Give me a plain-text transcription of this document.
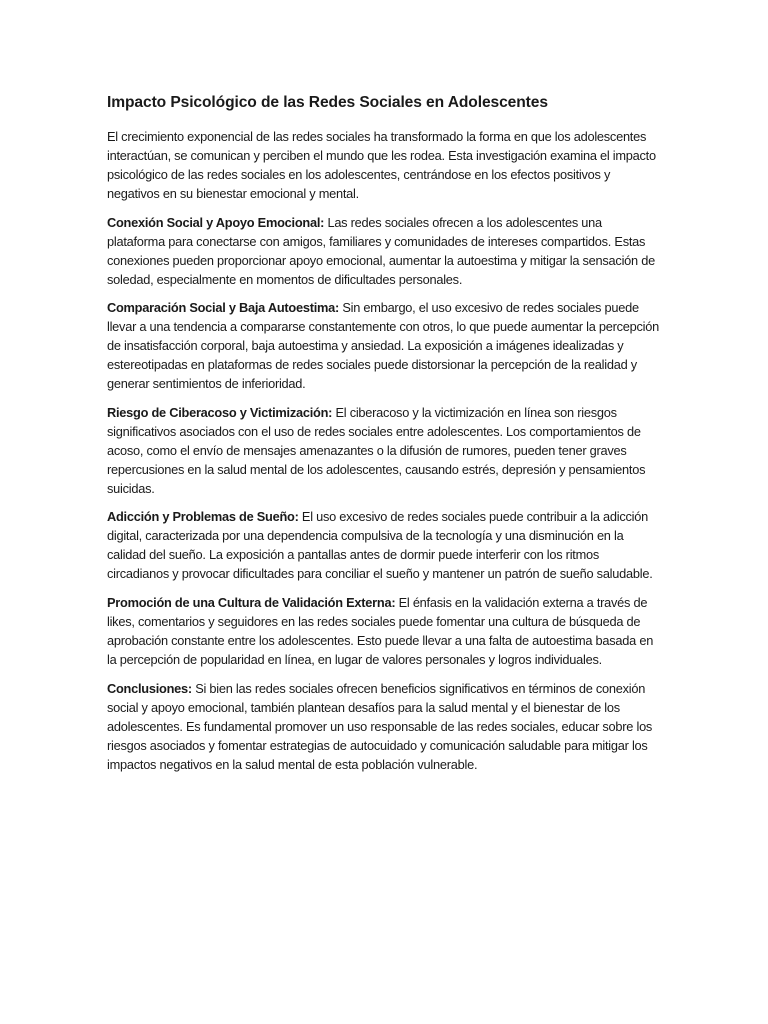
Impacto Psicológico de las Redes Sociales en Adolescentes

El crecimiento exponencial de las redes sociales ha transformado la forma en que los adolescentes interactúan, se comunican y perciben el mundo que les rodea. Esta investigación examina el impacto psicológico de las redes sociales en los adolescentes, centrándose en los efectos positivos y negativos en su bienestar emocional y mental.

Conexión Social y Apoyo Emocional: Las redes sociales ofrecen a los adolescentes una plataforma para conectarse con amigos, familiares y comunidades de intereses compartidos. Estas conexiones pueden proporcionar apoyo emocional, aumentar la autoestima y mitigar la sensación de soledad, especialmente en momentos de dificultades personales.

Comparación Social y Baja Autoestima: Sin embargo, el uso excesivo de redes sociales puede llevar a una tendencia a compararse constantemente con otros, lo que puede aumentar la percepción de insatisfacción corporal, baja autoestima y ansiedad. La exposición a imágenes idealizadas y estereotipadas en plataformas de redes sociales puede distorsionar la percepción de la realidad y generar sentimientos de inferioridad.

Riesgo de Ciberacoso y Victimización: El ciberacoso y la victimización en línea son riesgos significativos asociados con el uso de redes sociales entre adolescentes. Los comportamientos de acoso, como el envío de mensajes amenazantes o la difusión de rumores, pueden tener graves repercusiones en la salud mental de los adolescentes, causando estrés, depresión y pensamientos suicidas.

Adicción y Problemas de Sueño: El uso excesivo de redes sociales puede contribuir a la adicción digital, caracterizada por una dependencia compulsiva de la tecnología y una disminución en la calidad del sueño. La exposición a pantallas antes de dormir puede interferir con los ritmos circadianos y provocar dificultades para conciliar el sueño y mantener un patrón de sueño saludable.

Promoción de una Cultura de Validación Externa: El énfasis en la validación externa a través de likes, comentarios y seguidores en las redes sociales puede fomentar una cultura de búsqueda de aprobación constante entre los adolescentes. Esto puede llevar a una falta de autoestima basada en la percepción de popularidad en línea, en lugar de valores personales y logros individuales.

Conclusiones: Si bien las redes sociales ofrecen beneficios significativos en términos de conexión social y apoyo emocional, también plantean desafíos para la salud mental y el bienestar de los adolescentes. Es fundamental promover un uso responsable de las redes sociales, educar sobre los riesgos asociados y fomentar estrategias de autocuidado y comunicación saludable para mitigar los impactos negativos en la salud mental de esta población vulnerable.
